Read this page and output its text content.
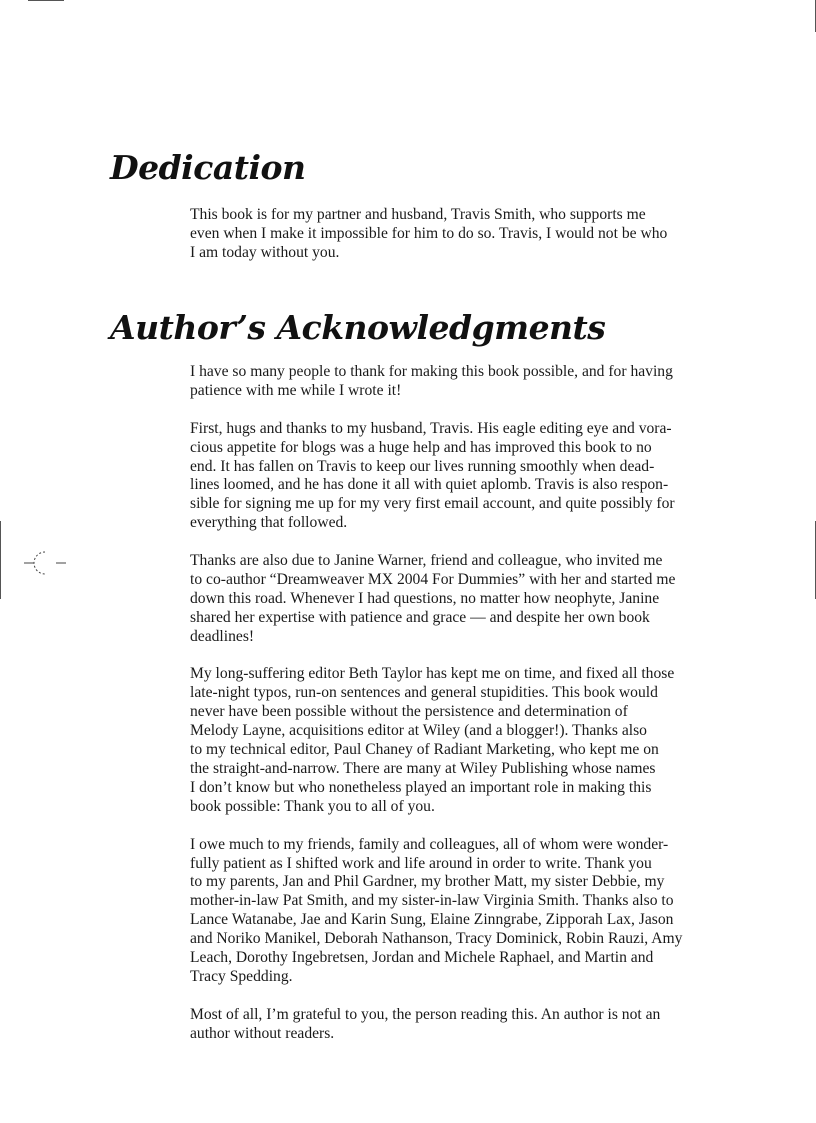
Dedication

This book is for my partner and husband, Travis Smith, who supports me
even when I make it impossible for him to do so. Travis, I would not be who
I am today without you.

Author’s Acknowledgments

I have so many people to thank for making this book possible, and for having
patience with me while I wrote it!

First, hugs and thanks to my husband, Travis. His eagle editing eye and vora-
cious appetite for blogs was a huge help and has improved this book to no
end. It has fallen on Travis to keep our lives running smoothly when dead-
lines loomed, and he has done it all with quiet aplomb. Travis is also respon-
sible for signing me up for my very first email account, and quite possibly for
everything that followed.

Thanks are also due to Janine Warner, friend and colleague, who invited me
to co-author “Dreamweaver MX 2004 For Dummies” with her and started me
down this road. Whenever I had questions, no matter how neophyte, Janine
shared her expertise with patience and grace — and despite her own book
deadlines!

My long-suffering editor Beth Taylor has kept me on time, and fixed all those
late-night typos, run-on sentences and general stupidities. This book would
never have been possible without the persistence and determination of
Melody Layne, acquisitions editor at Wiley (and a blogger!). Thanks also
to my technical editor, Paul Chaney of Radiant Marketing, who kept me on
the straight-and-narrow. There are many at Wiley Publishing whose names
I don’t know but who nonetheless played an important role in making this
book possible: Thank you to all of you.

I owe much to my friends, family and colleagues, all of whom were wonder-
fully patient as I shifted work and life around in order to write. Thank you
to my parents, Jan and Phil Gardner, my brother Matt, my sister Debbie, my
mother-in-law Pat Smith, and my sister-in-law Virginia Smith. Thanks also to
Lance Watanabe, Jae and Karin Sung, Elaine Zinngrabe, Zipporah Lax, Jason
and Noriko Manikel, Deborah Nathanson, Tracy Dominick, Robin Rauzi, Amy
Leach, Dorothy Ingebretsen, Jordan and Michele Raphael, and Martin and
Tracy Spedding.

Most of all, I’m grateful to you, the person reading this. An author is not an
author without readers.
